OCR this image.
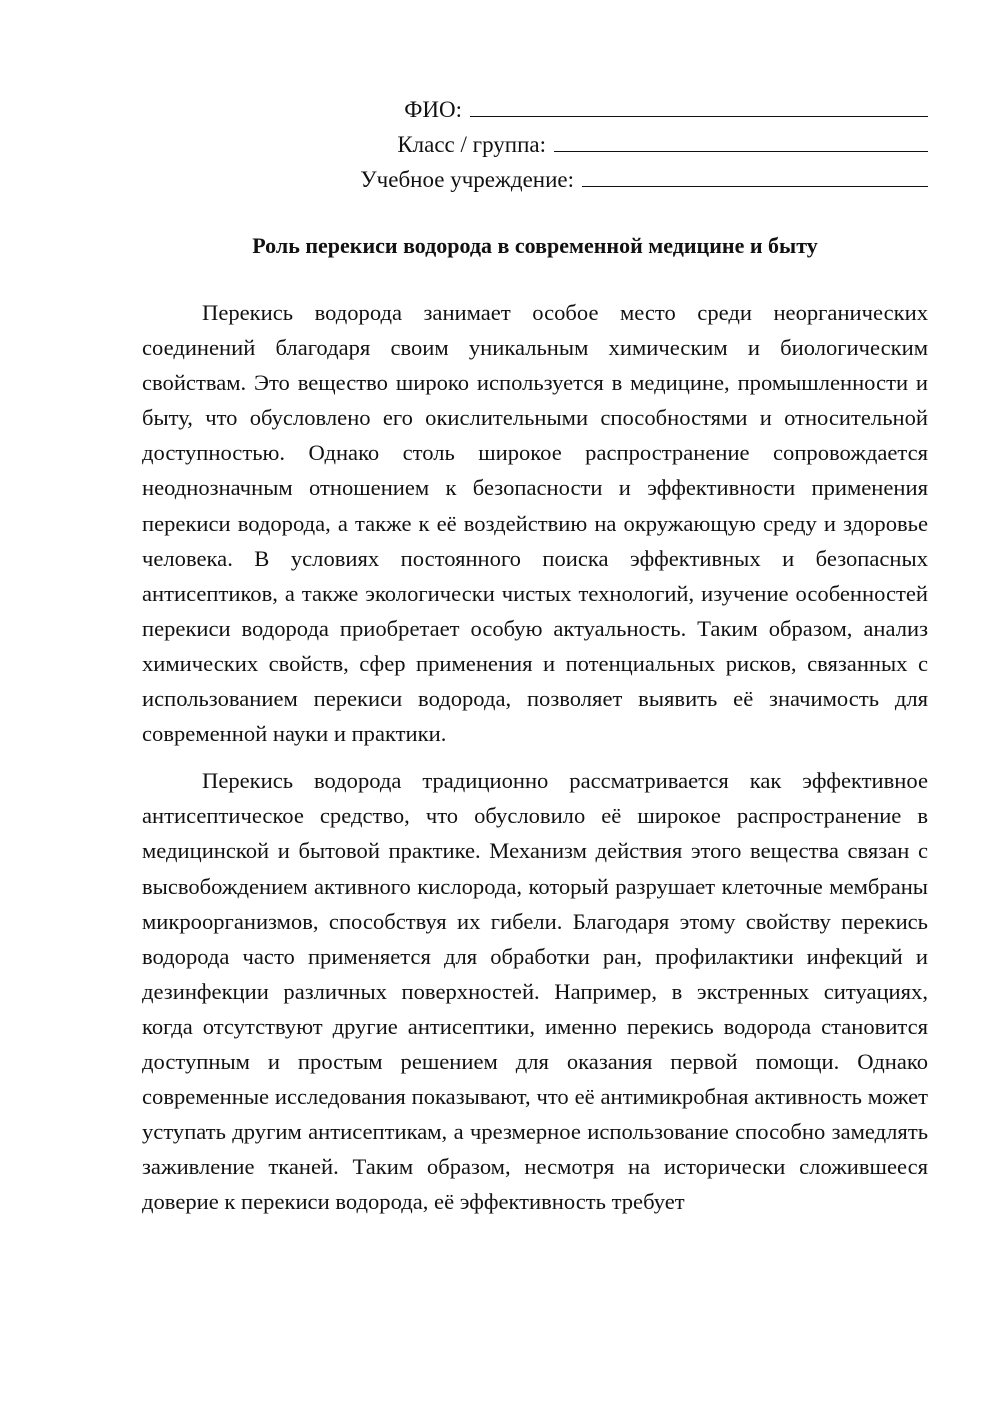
ФИО:
Класс / группа:
Учебное учреждение:
Роль перекиси водорода в современной медицине и быту

Перекись водорода занимает особое место среди неорганических соединений благодаря своим уникальным химическим и биологическим свойствам. Это вещество широко используется в медицине, промышленности и быту, что обусловлено его окислительными способностями и относительной доступностью. Однако столь широкое распространение сопровождается неоднозначным отношением к безопасности и эффективности применения перекиси водорода, а также к её воздействию на окружающую среду и здоровье человека. В условиях постоянного поиска эффективных и безопасных антисептиков, а также экологически чистых технологий, изучение особенностей перекиси водорода приобретает особую актуальность. Таким образом, анализ химических свойств, сфер применения и потенциальных рисков, связанных с использованием перекиси водорода, позволяет выявить её значимость для современной науки и практики.

Перекись водорода традиционно рассматривается как эффективное антисептическое средство, что обусловило её широкое распространение в медицинской и бытовой практике. Механизм действия этого вещества связан с высвобождением активного кислорода, который разрушает клеточные мембраны микроорганизмов, способствуя их гибели. Благодаря этому свойству перекись водорода часто применяется для обработки ран, профилактики инфекций и дезинфекции различных поверхностей. Например, в экстренных ситуациях, когда отсутствуют другие антисептики, именно перекись водорода становится доступным и простым решением для оказания первой помощи. Однако современные исследования показывают, что её антимикробная активность может уступать другим антисептикам, а чрезмерное использование способно замедлять заживление тканей. Таким образом, несмотря на исторически сложившееся доверие к перекиси водорода, её эффективность требует
